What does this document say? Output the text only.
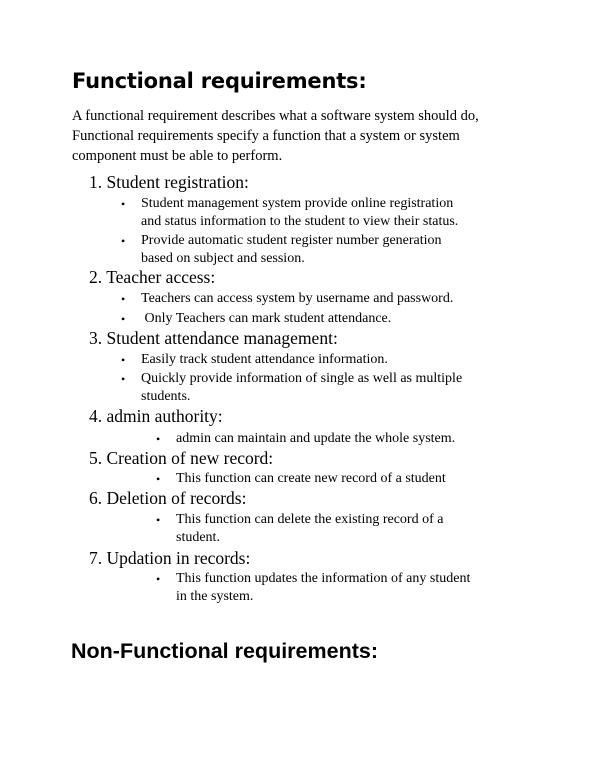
Functional requirements:
A functional requirement describes what a software system should do,
Functional requirements specify a function that a system or system
component must be able to perform.
1. Student registration:
• Student management system provide online registration
and status information to the student to view their status.
• Provide automatic student register number generation
based on subject and session.
2. Teacher access:
• Teachers can access system by username and password.
• Only Teachers can mark student attendance.
3. Student attendance management:
• Easily track student attendance information.
• Quickly provide information of single as well as multiple
students.
4. admin authority:
• admin can maintain and update the whole system.
5. Creation of new record:
• This function can create new record of a student
6. Deletion of records:
• This function can delete the existing record of a
student.
7. Updation in records:
• This function updates the information of any student
in the system.
Non-Functional requirements:
